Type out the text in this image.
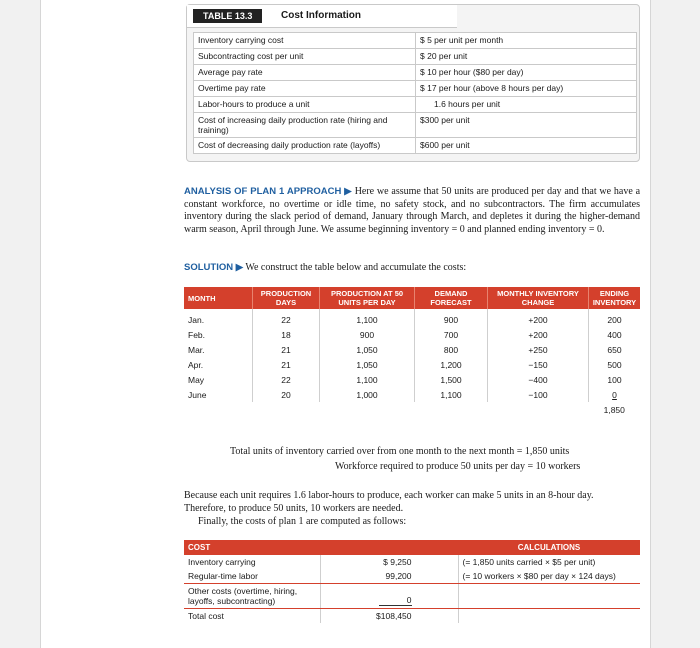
TABLE 13.3	Cost Information
Inventory carrying cost	$ 5 per unit per month
Subcontracting cost per unit	$ 20 per unit
Average pay rate	$ 10 per hour ($80 per day)
Overtime pay rate	$ 17 per hour (above 8 hours per day)
Labor-hours to produce a unit	1.6 hours per unit
Cost of increasing daily production rate (hiring and training)	$300 per unit
Cost of decreasing daily production rate (layoffs)	$600 per unit
ANALYSIS OF PLAN 1 APPROACH ▶ Here we assume that 50 units are produced per day and that we have a constant workforce, no overtime or idle time, no safety stock, and no subcontractors. The firm accumulates inventory during the slack period of demand, January through March, and depletes it during the higher-demand warm season, April through June. We assume beginning inventory = 0 and planned ending inventory = 0.
SOLUTION ▶ We construct the table below and accumulate the costs:
MONTH	PRODUCTION DAYS	PRODUCTION AT 50 UNITS PER DAY	DEMAND FORECAST	MONTHLY INVENTORY CHANGE	ENDING INVENTORY
Jan.	22	1,100	900	+200	200
Feb.	18	900	700	+200	400
Mar.	21	1,050	800	+250	650
Apr.	21	1,050	1,200	−150	500
May	22	1,100	1,500	−400	100
June	20	1,000	1,100	−100	0
					1,850
Total units of inventory carried over from one month to the next month = 1,850 units
Workforce required to produce 50 units per day = 10 workers
Because each unit requires 1.6 labor-hours to produce, each worker can make 5 units in an 8-hour day.
Therefore, to produce 50 units, 10 workers are needed.
Finally, the costs of plan 1 are computed as follows:
COST		CALCULATIONS
Inventory carrying	$ 9,250	(= 1,850 units carried × $5 per unit)
Regular-time labor	99,200	(= 10 workers × $80 per day × 124 days)
Other costs (overtime, hiring, layoffs, subcontracting)	0	
Total cost	$108,450	
